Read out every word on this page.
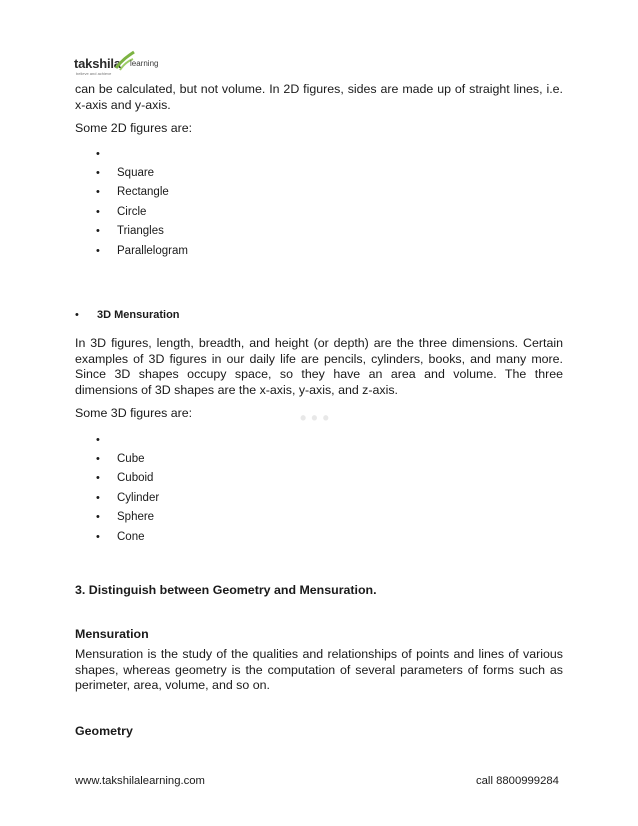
takshila learning
believe and achieve
• • •
can be calculated, but not volume. In 2D figures, sides are made up of straight lines, i.e. x-axis and y-axis.
Some 2D figures are:
•
• Square
• Rectangle
• Circle
• Triangles
• Parallelogram
• 3D Mensuration
In 3D figures, length, breadth, and height (or depth) are the three dimensions. Certain examples of 3D figures in our daily life are pencils, cylinders, books, and many more. Since 3D shapes occupy space, so they have an area and volume. The three dimensions of 3D shapes are the x-axis, y-axis, and z-axis.
Some 3D figures are:
•
• Cube
• Cuboid
• Cylinder
• Sphere
• Cone
3. Distinguish between Geometry and Mensuration.
Mensuration
Mensuration is the study of the qualities and relationships of points and lines of various shapes, whereas geometry is the computation of several parameters of forms such as perimeter, area, volume, and so on.
Geometry
www.takshilalearning.com	call 8800999284
